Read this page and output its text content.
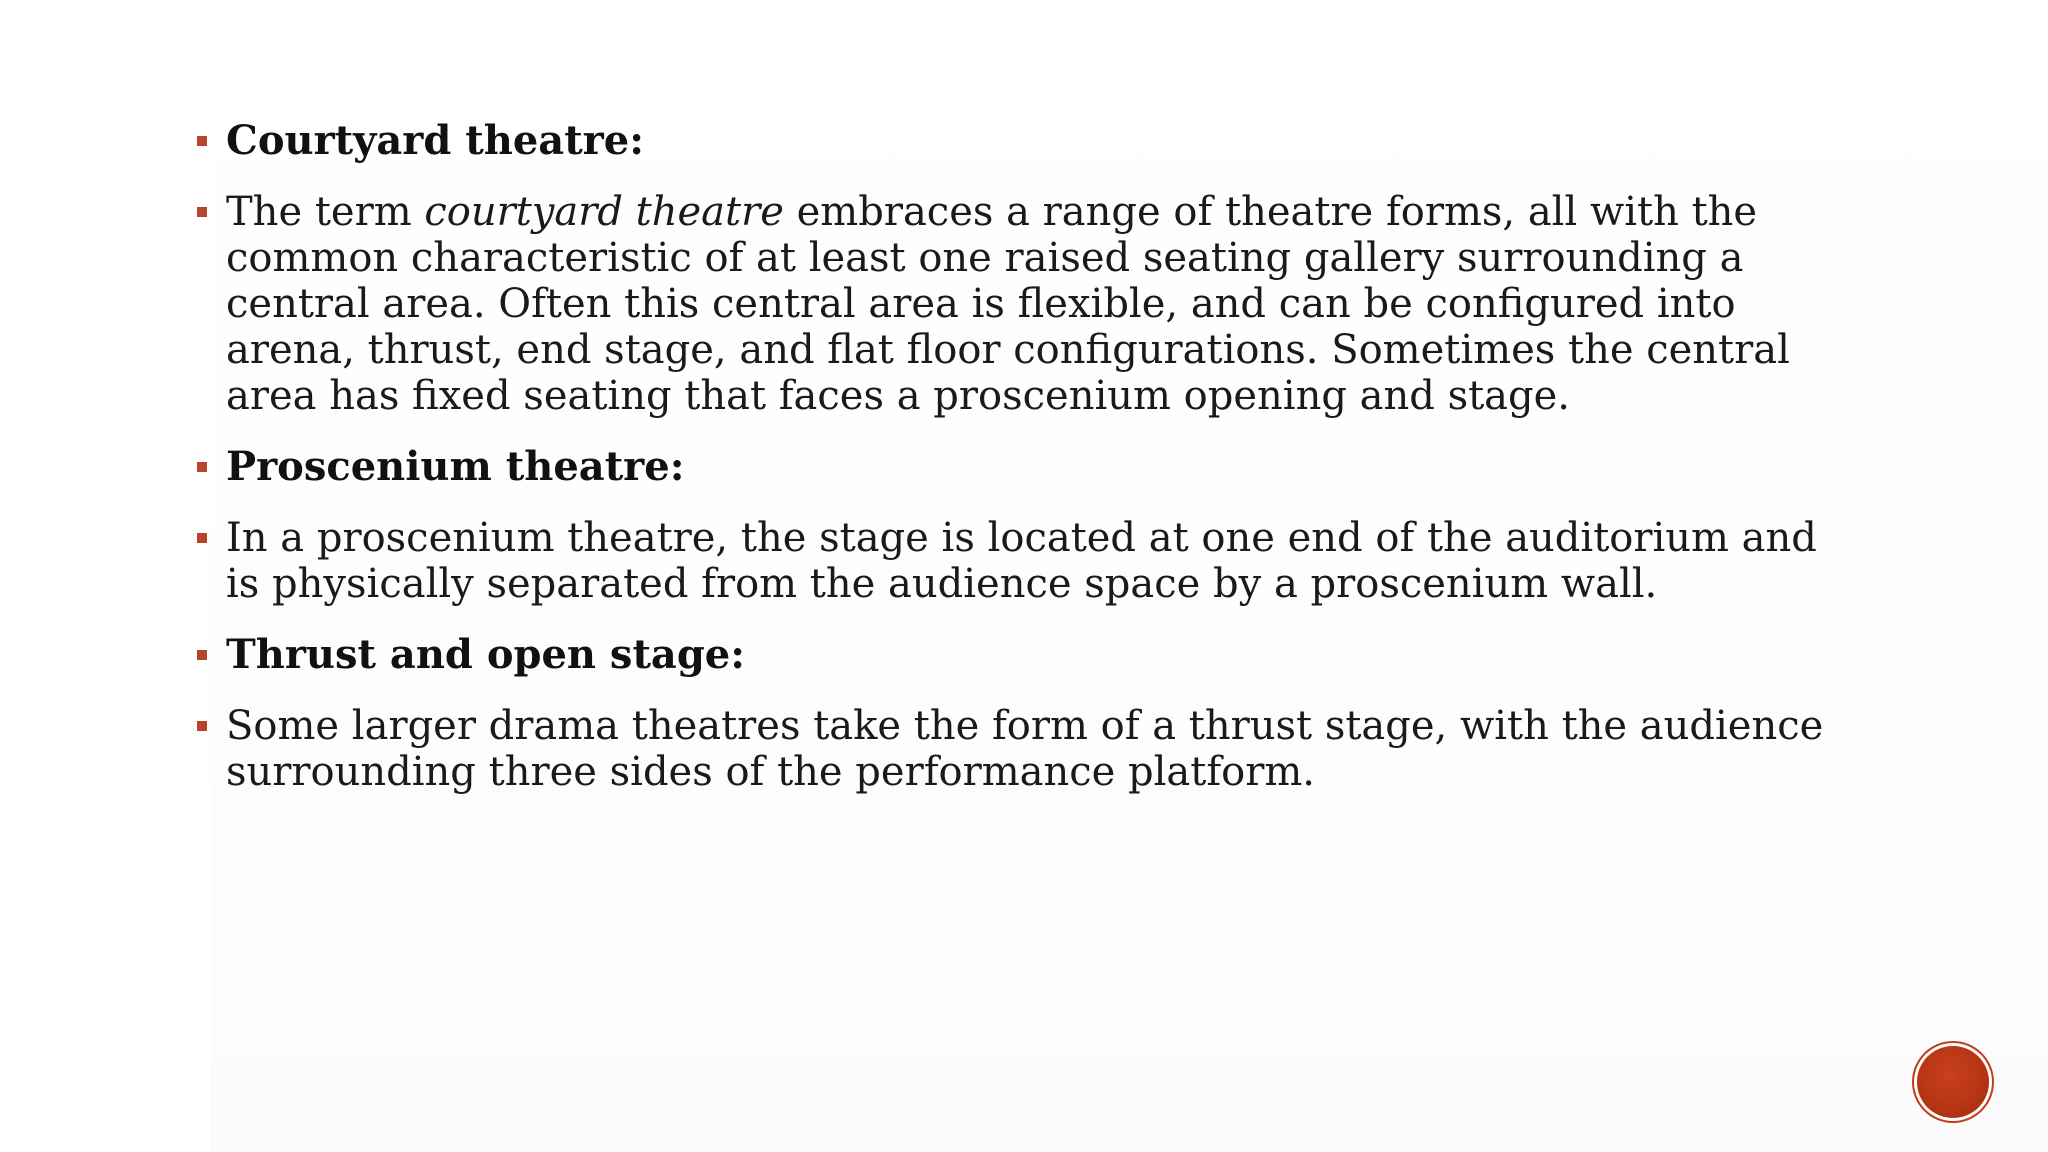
Courtyard theatre:
The term courtyard theatre embraces a range of theatre forms, all with the common characteristic of at least one raised seating gallery surrounding a central area. Often this central area is flexible, and can be configured into arena, thrust, end stage, and flat floor configurations. Sometimes the central area has fixed seating that faces a proscenium opening and stage.
Proscenium theatre:
In a proscenium theatre, the stage is located at one end of the auditorium and is physically separated from the audience space by a proscenium wall.
Thrust and open stage:
Some larger drama theatres take the form of a thrust stage, with the audience surrounding three sides of the performance platform.
